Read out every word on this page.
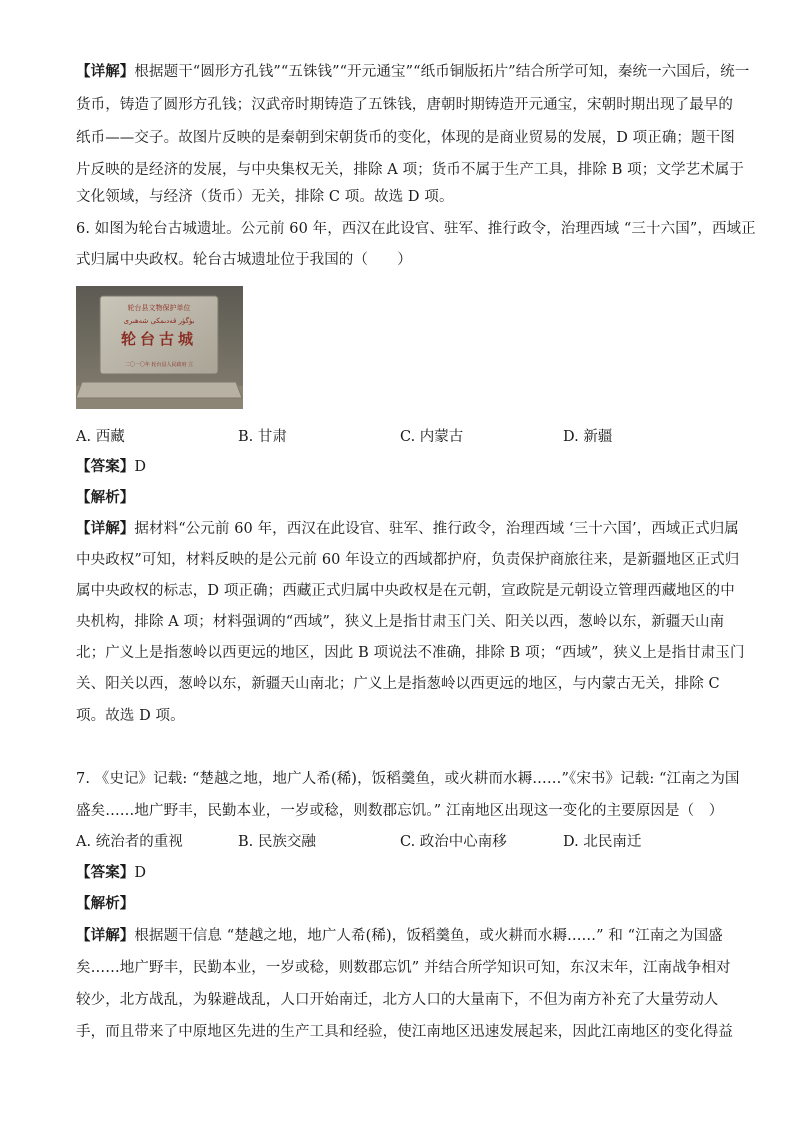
【详解】根据题干“圆形方孔钱”“五铢钱”“开元通宝”“纸币铜版拓片”结合所学可知，秦统一六国后，统一
货币，铸造了圆形方孔钱；汉武帝时期铸造了五铢钱，唐朝时期铸造开元通宝，宋朝时期出现了最早的
纸币——交子。故图片反映的是秦朝到宋朝货币的变化，体现的是商业贸易的发展，D 项正确；题干图
片反映的是经济的发展，与中央集权无关，排除 A 项；货币不属于生产工具，排除 B 项；文学艺术属于
文化领域，与经济（货币）无关，排除 C 项。故选 D 项。
6. 如图为轮台古城遗址。公元前 60 年，西汉在此设官、驻军、推行政令，治理西域 “三十六国”，西域正
式归属中央政权。轮台古城遗址位于我国的（　　）
轮台县文物保护单位
بۈگۈر قەدىمكى شەھىرى
轮台古城
二〇一〇年 轮台县人民政府 立
A. 西藏	B. 甘肃	C. 内蒙古	D. 新疆
【答案】D
【解析】
【详解】据材料“公元前 60 年，西汉在此设官、驻军、推行政令，治理西域 ‘三十六国’，西域正式归属
中央政权”可知，材料反映的是公元前 60 年设立的西域都护府，负责保护商旅往来，是新疆地区正式归
属中央政权的标志，D 项正确；西藏正式归属中央政权是在元朝，宣政院是元朝设立管理西藏地区的中
央机构，排除 A 项；材料强调的“西域”，狭义上是指甘肃玉门关、阳关以西，葱岭以东，新疆天山南
北；广义上是指葱岭以西更远的地区，因此 B 项说法不准确，排除 B 项；“西域”，狭义上是指甘肃玉门
关、阳关以西，葱岭以东，新疆天山南北；广义上是指葱岭以西更远的地区，与内蒙古无关，排除 C
项。故选 D 项。
7. 《史记》记载: “楚越之地，地广人希(稀)，饭稻羹鱼，或火耕而水耨……”《宋书》记载: “江南之为国
盛矣……地广野丰，民勤本业，一岁或稔，则数郡忘饥。” 江南地区出现这一变化的主要原因是（　）
A. 统治者的重视	B. 民族交融	C. 政治中心南移	D. 北民南迁
【答案】D
【解析】
【详解】根据题干信息 “楚越之地，地广人希(稀)，饭稻羹鱼，或火耕而水耨……” 和 “江南之为国盛
矣……地广野丰，民勤本业，一岁或稔，则数郡忘饥” 并结合所学知识可知，东汉末年，江南战争相对
较少，北方战乱，为躲避战乱，人口开始南迁，北方人口的大量南下，不但为南方补充了大量劳动人
手，而且带来了中原地区先进的生产工具和经验，使江南地区迅速发展起来，因此江南地区的变化得益
